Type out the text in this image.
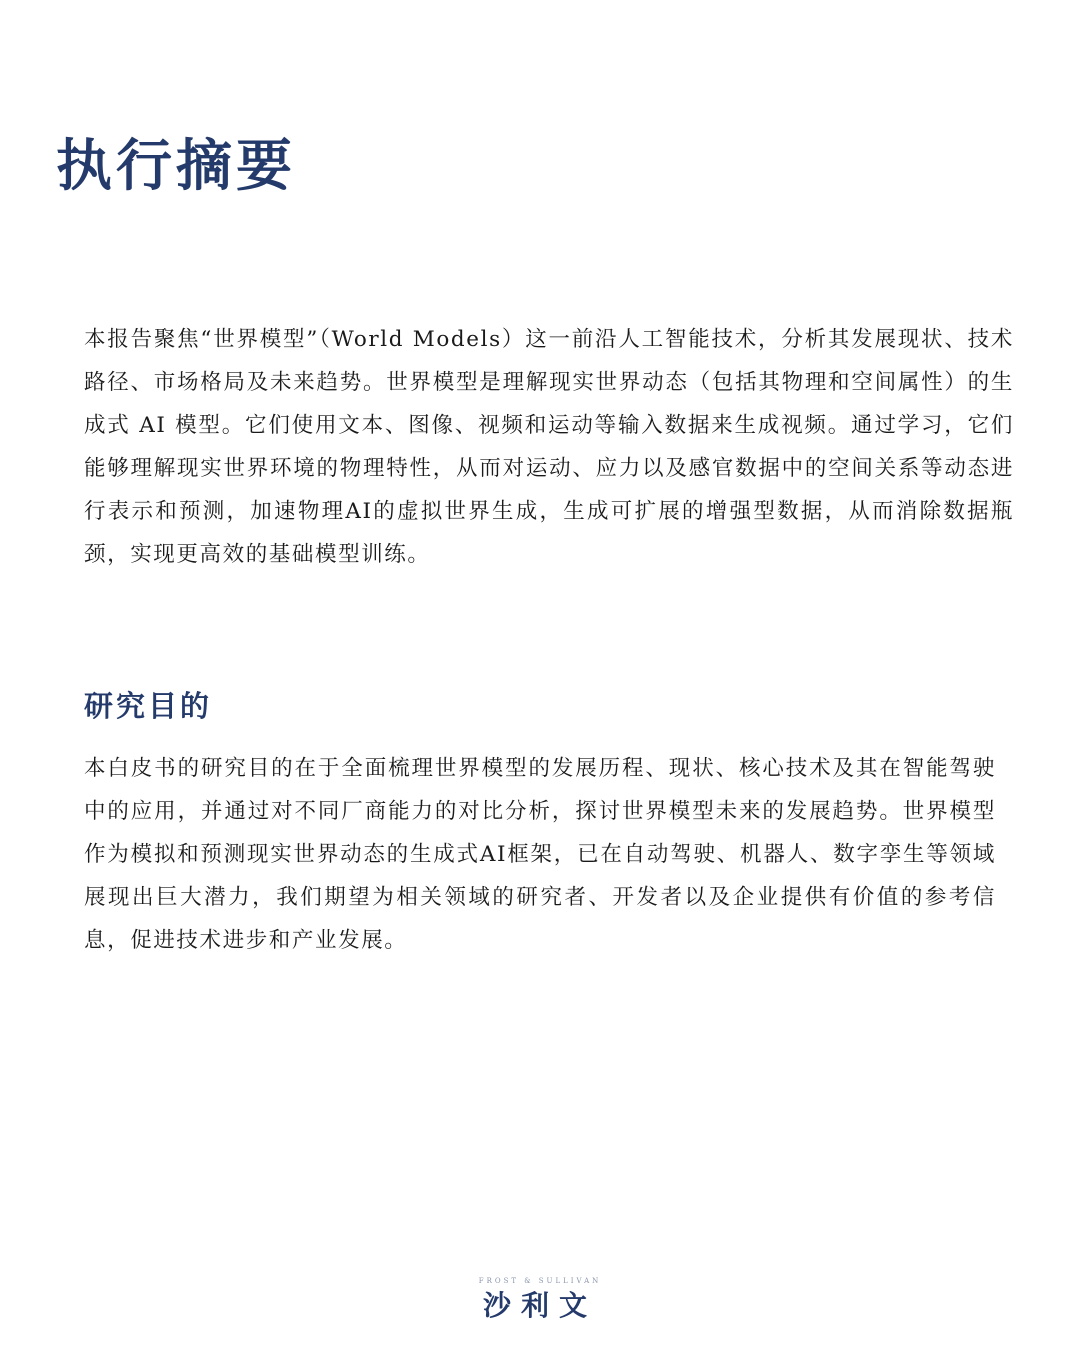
执行摘要

本报告聚焦“世界模型”（World Models）这一前沿人工智能技术，分析其发展现状、技术路径、市场格局及未来趋势。世界模型是理解现实世界动态（包括其物理和空间属性）的生成式 AI 模型。它们使用文本、图像、视频和运动等输入数据来生成视频。通过学习，它们能够理解现实世界环境的物理特性，从而对运动、应力以及感官数据中的空间关系等动态进行表示和预测，加速物理AI的虚拟世界生成，生成可扩展的增强型数据，从而消除数据瓶颈，实现更高效的基础模型训练。

研究目的

本白皮书的研究目的在于全面梳理世界模型的发展历程、现状、核心技术及其在智能驾驶中的应用，并通过对不同厂商能力的对比分析，探讨世界模型未来的发展趋势。世界模型作为模拟和预测现实世界动态的生成式AI框架，已在自动驾驶、机器人、数字孪生等领域展现出巨大潜力，我们期望为相关领域的研究者、开发者以及企业提供有价值的参考信息，促进技术进步和产业发展。

FROST & SULLIVAN
沙利文
